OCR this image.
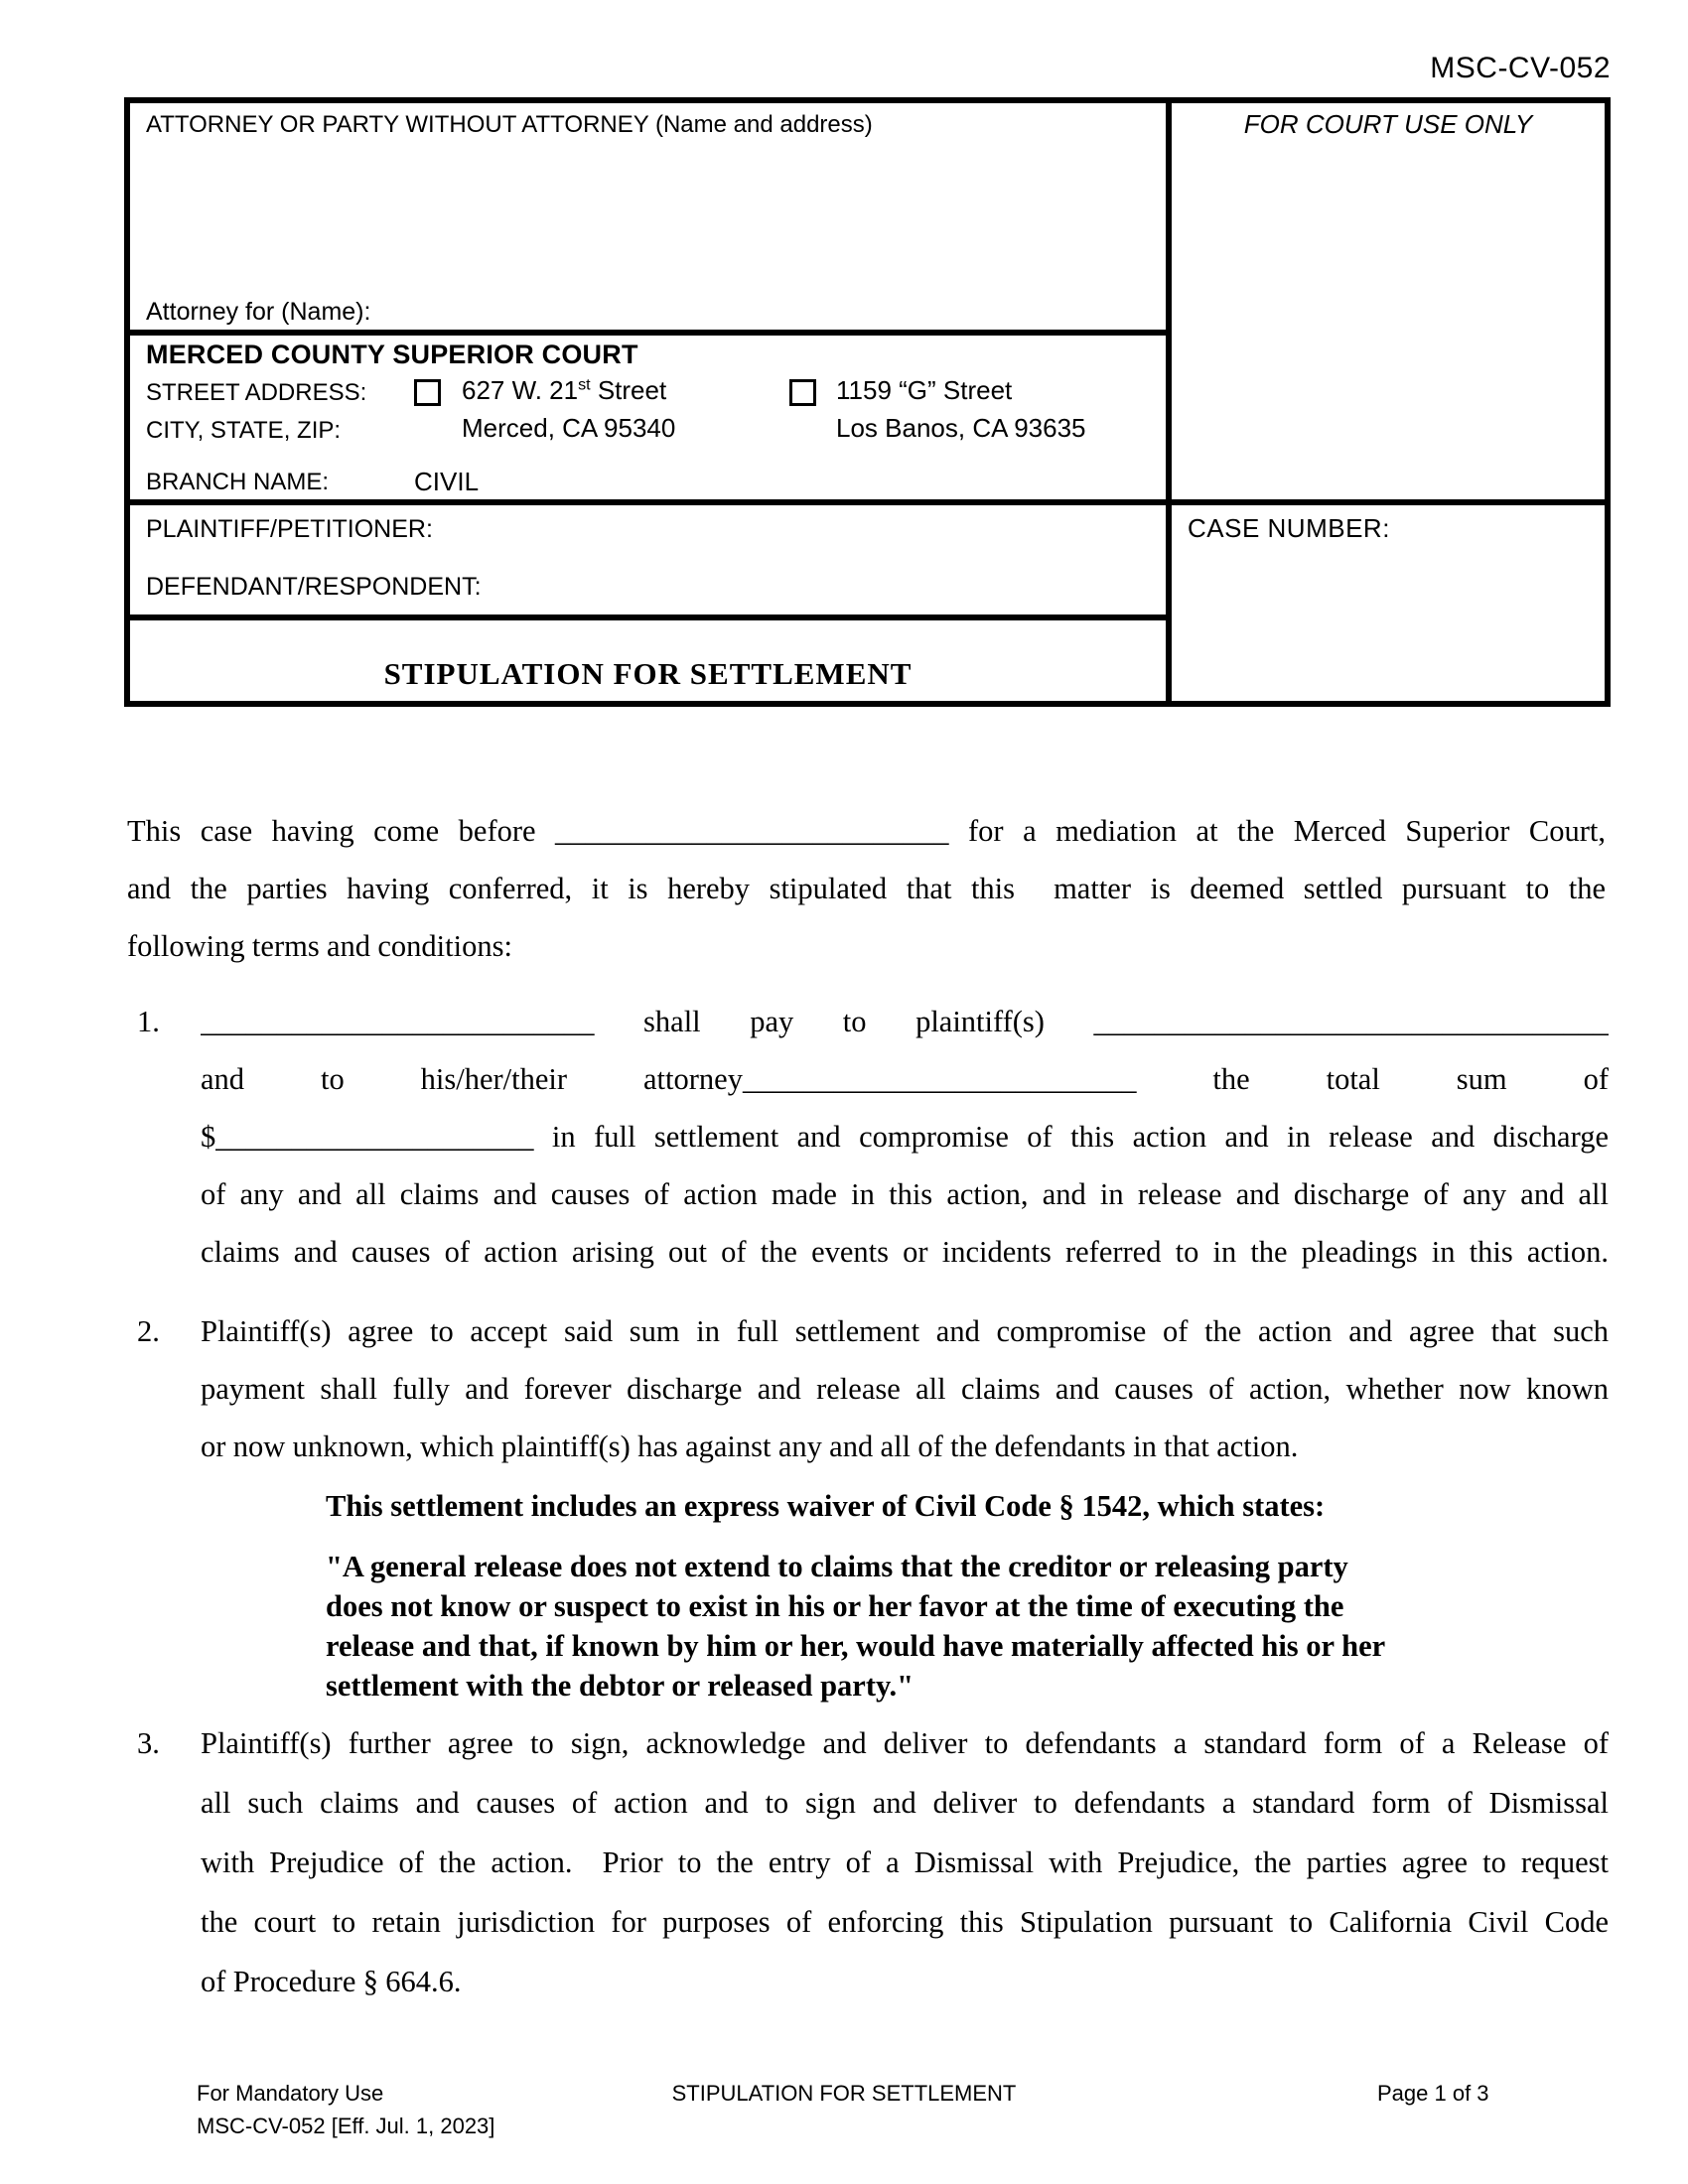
MSC-CV-052
ATTORNEY OR PARTY WITHOUT ATTORNEY (Name and address)
Attorney for (Name):
MERCED COUNTY SUPERIOR COURT
STREET ADDRESS:
CITY, STATE, ZIP:
BRANCH NAME:
627 W. 21st Street
Merced, CA 95340
1159 “G” Street
Los Banos, CA 93635
CIVIL
PLAINTIFF/PETITIONER:
DEFENDANT/RESPONDENT:
STIPULATION FOR SETTLEMENT
FOR COURT USE ONLY
CASE NUMBER:
This case having come before __________________________ for a mediation at the Merced Superior Court,
and the parties having conferred, it is hereby stipulated that this  matter is deemed settled pursuant to the
following terms and conditions:
1. __________________________ shall pay to plaintiff(s) __________________________________
and to his/her/their attorney__________________________ the total sum of
$_____________________ in full settlement and compromise of this action and in release and discharge
of any and all claims and causes of action made in this action, and in release and discharge of any and all
claims and causes of action arising out of the events or incidents referred to in the pleadings in this action.
2. Plaintiff(s) agree to accept said sum in full settlement and compromise of the action and agree that such
payment shall fully and forever discharge and release all claims and causes of action, whether now known
or now unknown, which plaintiff(s) has against any and all of the defendants in that action.
This settlement includes an express waiver of Civil Code § 1542, which states:
"A general release does not extend to claims that the creditor or releasing party
does not know or suspect to exist in his or her favor at the time of executing the
release and that, if known by him or her, would have materially affected his or her
settlement with the debtor or released party."
3. Plaintiff(s) further agree to sign, acknowledge and deliver to defendants a standard form of a Release of
all such claims and causes of action and to sign and deliver to defendants a standard form of Dismissal
with Prejudice of the action.  Prior to the entry of a Dismissal with Prejudice, the parties agree to request
the court to retain jurisdiction for purposes of enforcing this Stipulation pursuant to California Civil Code
of Procedure § 664.6.
For Mandatory Use
MSC-CV-052 [Eff. Jul. 1, 2023]
STIPULATION FOR SETTLEMENT	Page 1 of 3
